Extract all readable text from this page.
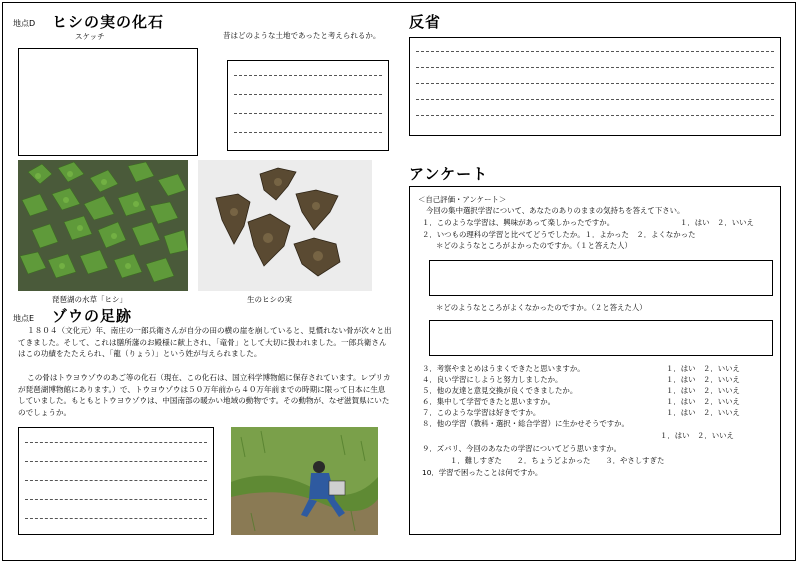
地点D ヒシの実の化石
スケッチ	昔はどのような土地であったと考えられるか。
琵琶湖の水草「ヒシ」	生のヒシの実
地点E ゾウの足跡
１８０４（文化元）年、南庄の一郎兵衛さんが自分の田の横の崖を崩していると、見慣れない骨が次々と出てきました。そして、これは膳所藩のお殿様に献上され、「竜骨」として大切に扱われました。一郎兵衛さんはこの功績をたたえられ、「龍（りょう）」という姓が与えられました。
この骨はトウヨウゾウのあご等の化石（現在、この化石は、国立科学博物館に保存されています。レプリカが琵琶湖博物館にあります。）で、トウヨウゾウは５０万年前から４０万年前までの時期に限って日本に生息していました。もともとトウヨウゾウは、中国南部の暖かい地域の動物です。その動物が、なぜ滋賀県にいたのでしょうか。
反省
アンケート
＜自己評価・アンケート＞
今回の集中選択学習について、あなたのありのままの気持ちを答えて下さい。
１．このような学習は、興味があって楽しかったですか。	１．はい　２．いいえ
２．いつもの理科の学習と比べてどうでしたか。１．よかった　２．よくなかった
＊どのようなところがよかったのですか。（１と答えた人）
＊どのようなところがよくなかったのですか。（２と答えた人）
３．考察やまとめはうまくできたと思いますか。	１．はい　２．いいえ
４．良い学習にしようと努力しましたか。	１．はい　２．いいえ
５．他の友達と意見交換が良くできましたか。	１．はい　２．いいえ
６．集中して学習できたと思いますか。	１．はい　２．いいえ
７．このような学習は好きですか。	１．はい　２．いいえ
８．他の学習（教科・選択・総合学習）に生かせそうですか。
１．はい　２．いいえ
９．ズバリ、今回のあなたの学習についてどう思いますか。
１．難しすぎた　　２．ちょうどよかった　　３．やさしすぎた
10．学習で困ったことは何ですか。
